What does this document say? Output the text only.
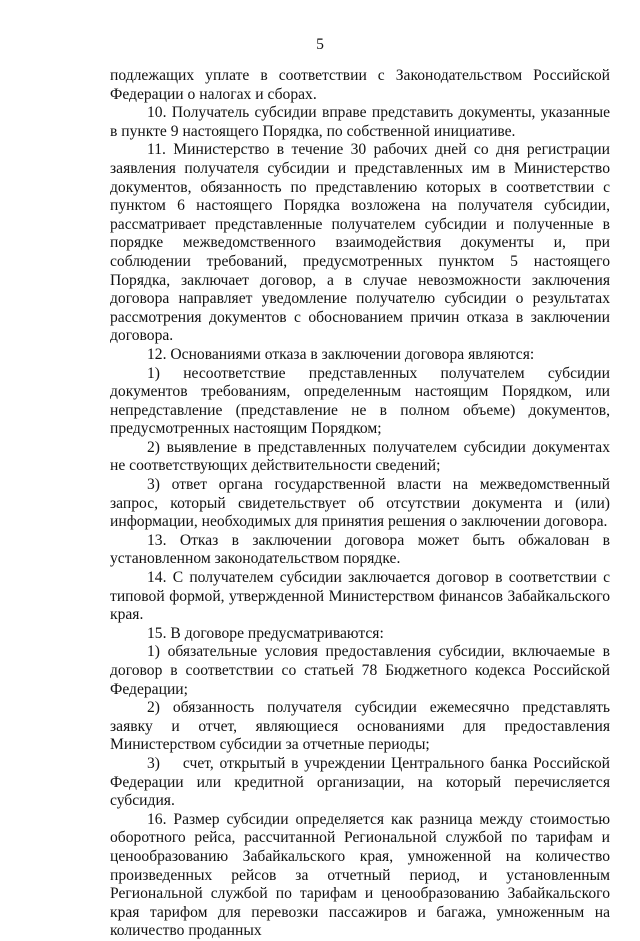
5

подлежащих уплате в соответствии с Законодательством Российской Федерации о налогах и сборах.

10. Получатель субсидии вправе представить документы, указанные в пункте 9 настоящего Порядка, по собственной инициативе.

11. Министерство в течение 30 рабочих дней со дня регистрации заявления получателя субсидии и представленных им в Министерство документов, обязанность по представлению которых в соответствии с пунктом 6 настоящего Порядка возложена на получателя субсидии, рассматривает представленные получателем субсидии и полученные в порядке межведомственного взаимодействия документы и, при соблюдении требований, предусмотренных пунктом 5 настоящего Порядка, заключает договор, а в случае невозможности заключения договора направляет уведомление получателю субсидии о результатах рассмотрения документов с обоснованием причин отказа в заключении договора.

12. Основаниями отказа в заключении договора являются:

1) несоответствие представленных получателем субсидии документов требованиям, определенным настоящим Порядком, или непредставление (представление не в полном объеме) документов, предусмотренных настоящим Порядком;

2) выявление в представленных получателем субсидии документах не соответствующих действительности сведений;

3) ответ органа государственной власти на межведомственный запрос, который свидетельствует об отсутствии документа и (или) информации, необходимых для принятия решения о заключении договора.

13. Отказ в заключении договора может быть обжалован в установленном законодательством порядке.

14. С получателем субсидии заключается договор в соответствии с типовой формой, утвержденной Министерством финансов Забайкальского края.

15. В договоре предусматриваются:

1) обязательные условия предоставления субсидии, включаемые в договор в соответствии со статьей 78 Бюджетного кодекса Российской Федерации;

2) обязанность получателя субсидии ежемесячно представлять заявку и отчет, являющиеся основаниями для предоставления Министерством субсидии за отчетные периоды;

3)    счет, открытый в учреждении Центрального банка Российской Федерации или кредитной организации, на который перечисляется субсидия.

16. Размер субсидии определяется как разница между стоимостью оборотного рейса, рассчитанной Региональной службой по тарифам и ценообразованию Забайкальского края, умноженной на количество произведенных рейсов за отчетный период, и установленным Региональной службой по тарифам и ценообразованию Забайкальского края тарифом для перевозки пассажиров и багажа, умноженным на количество проданных
